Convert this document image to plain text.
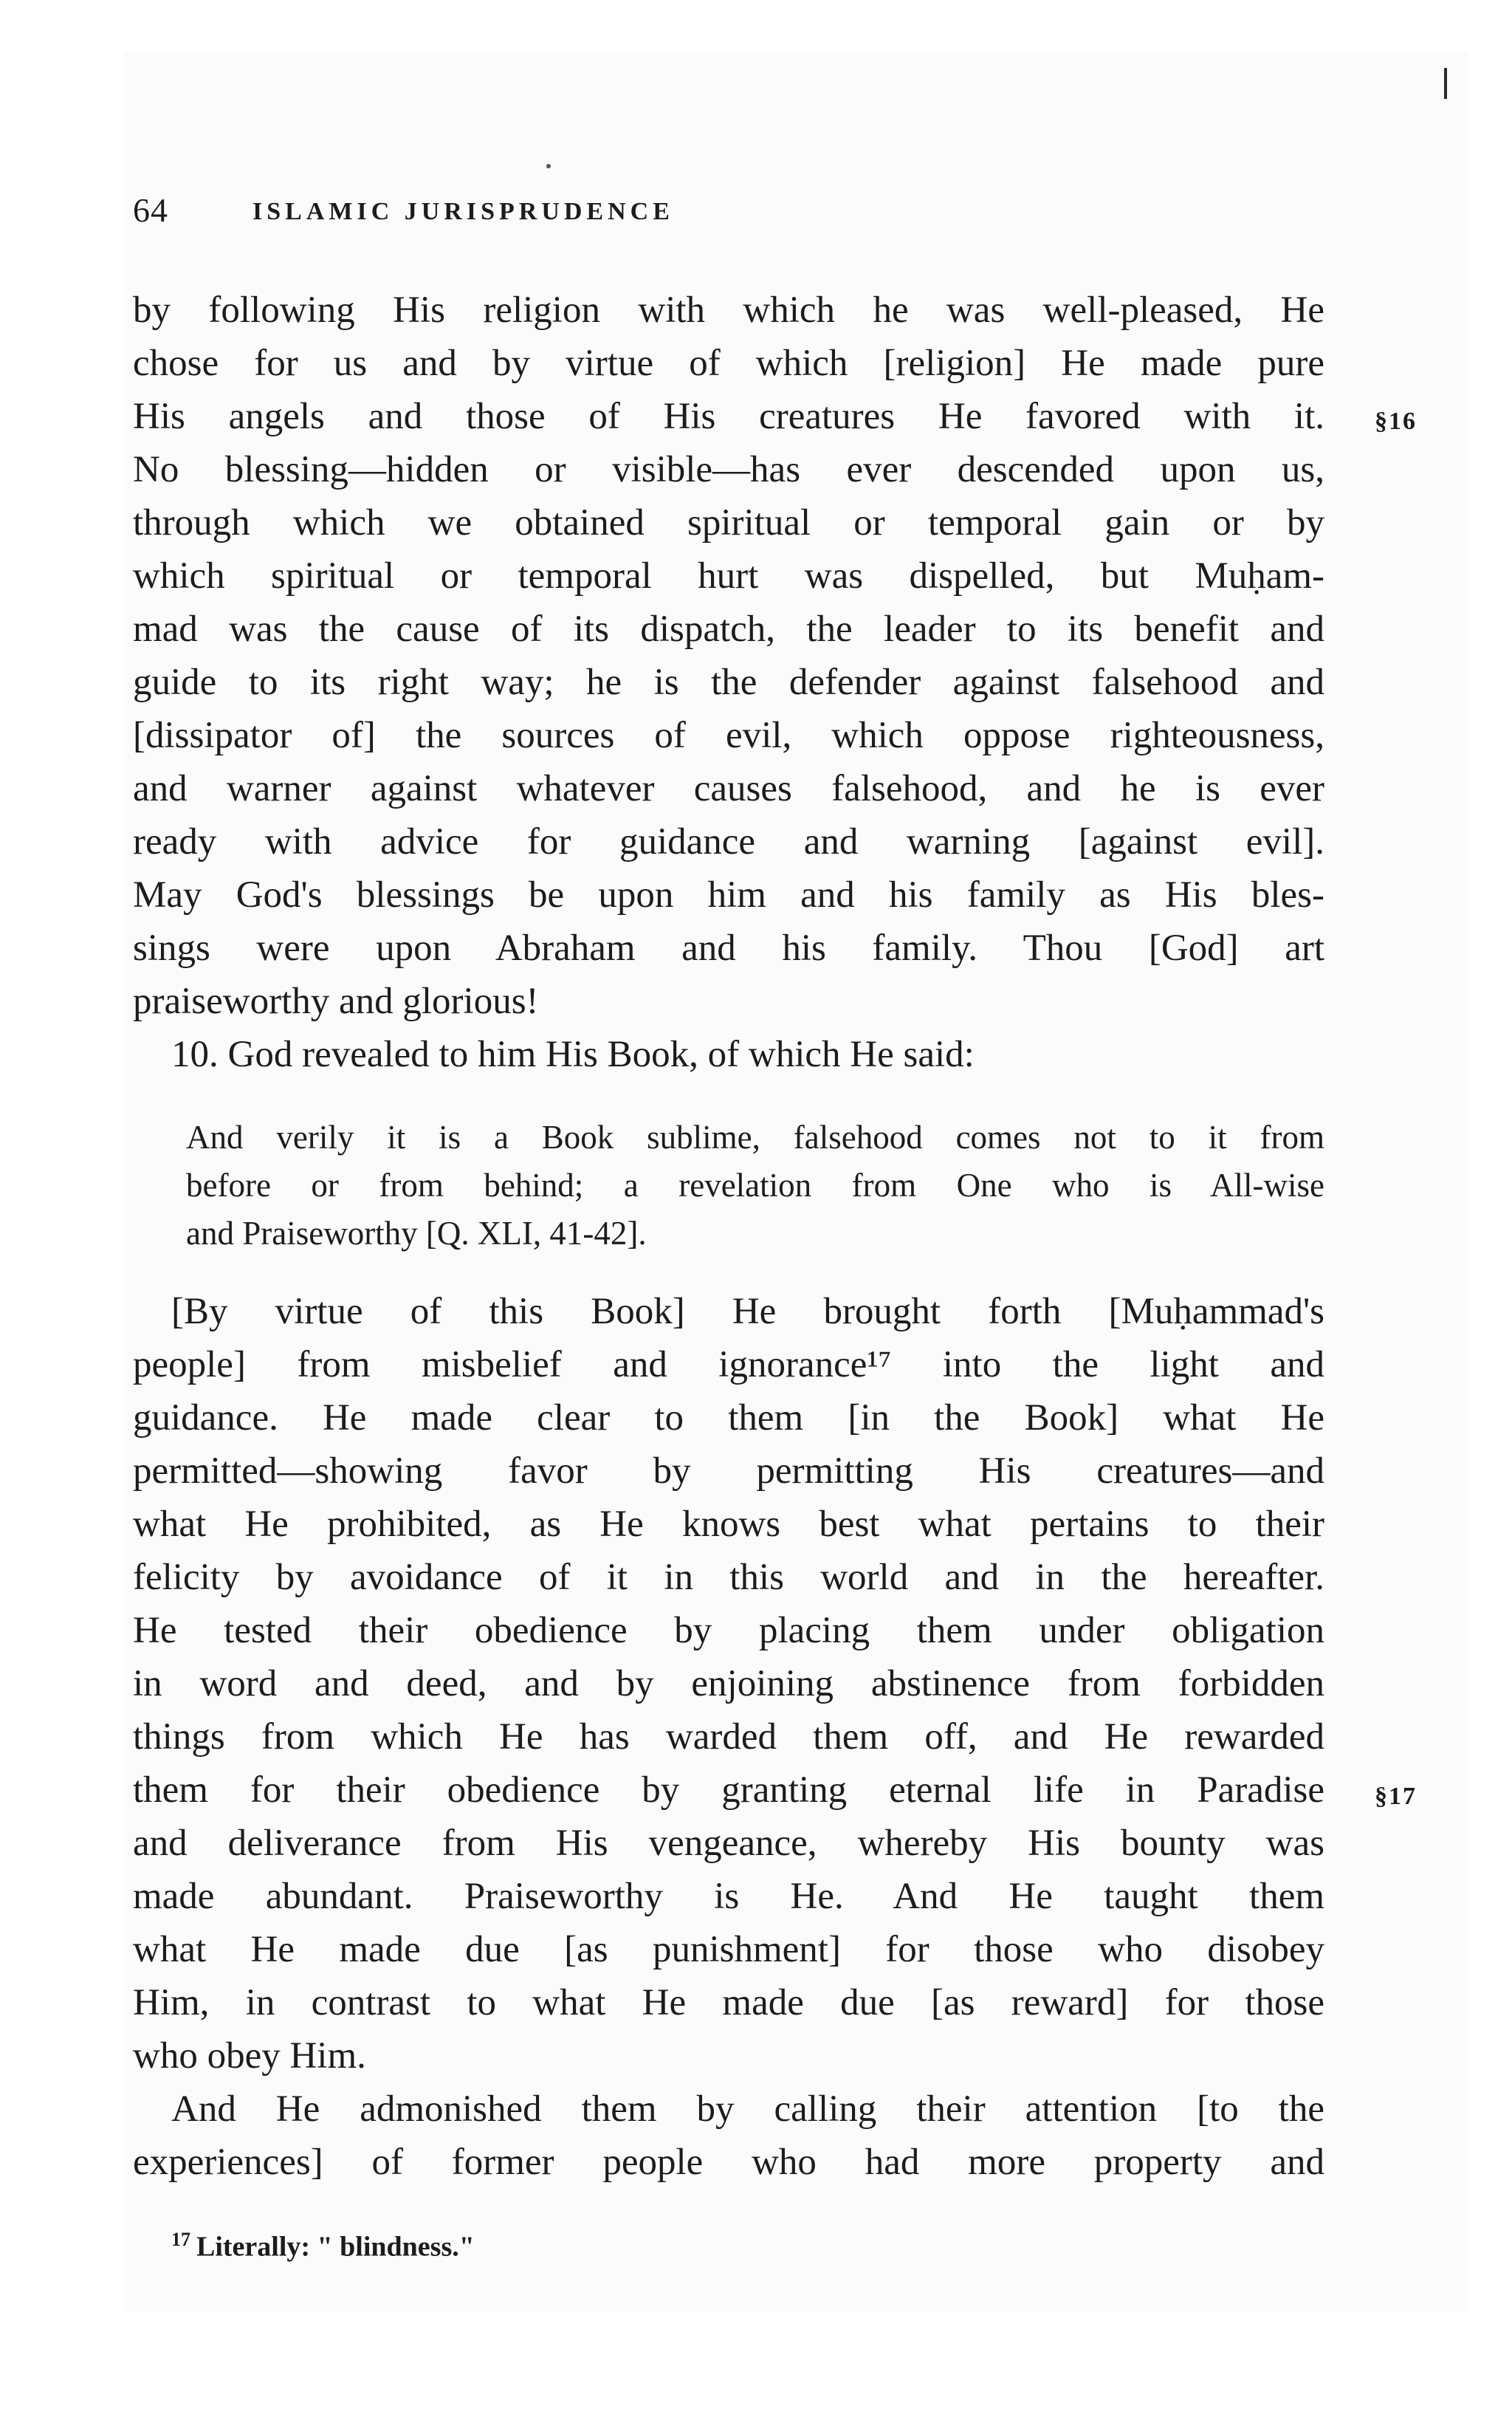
64	ISLAMIC JURISPRUDENCE
by following His religion with which he was well-pleased, He
chose for us and by virtue of which [religion] He made pure
His angels and those of His creatures He favored with it.
No blessing—hidden or visible—has ever descended upon us,
through which we obtained spiritual or temporal gain or by
which spiritual or temporal hurt was dispelled, but Muḥam-
mad was the cause of its dispatch, the leader to its benefit and
guide to its right way; he is the defender against falsehood and
[dissipator of] the sources of evil, which oppose righteousness,
and warner against whatever causes falsehood, and he is ever
ready with advice for guidance and warning [against evil].
May God's blessings be upon him and his family as His bles-
sings were upon Abraham and his family. Thou [God] art
praiseworthy and glorious!
10. God revealed to him His Book, of which He said:
And verily it is a Book sublime, falsehood comes not to it from
before or from behind; a revelation from One who is All-wise
and Praiseworthy [Q. XLI, 41-42].
[By virtue of this Book] He brought forth [Muḥammad's
people] from misbelief and ignorance¹⁷ into the light and
guidance. He made clear to them [in the Book] what He
permitted—showing favor by permitting His creatures—and
what He prohibited, as He knows best what pertains to their
felicity by avoidance of it in this world and in the hereafter.
He tested their obedience by placing them under obligation
in word and deed, and by enjoining abstinence from forbidden
things from which He has warded them off, and He rewarded
them for their obedience by granting eternal life in Paradise
and deliverance from His vengeance, whereby His bounty was
made abundant. Praiseworthy is He. And He taught them
what He made due [as punishment] for those who disobey
Him, in contrast to what He made due [as reward] for those
who obey Him.
And He admonished them by calling their attention [to the
experiences] of former people who had more property and
§16
§17
$^{17}$ Literally: " blindness."
